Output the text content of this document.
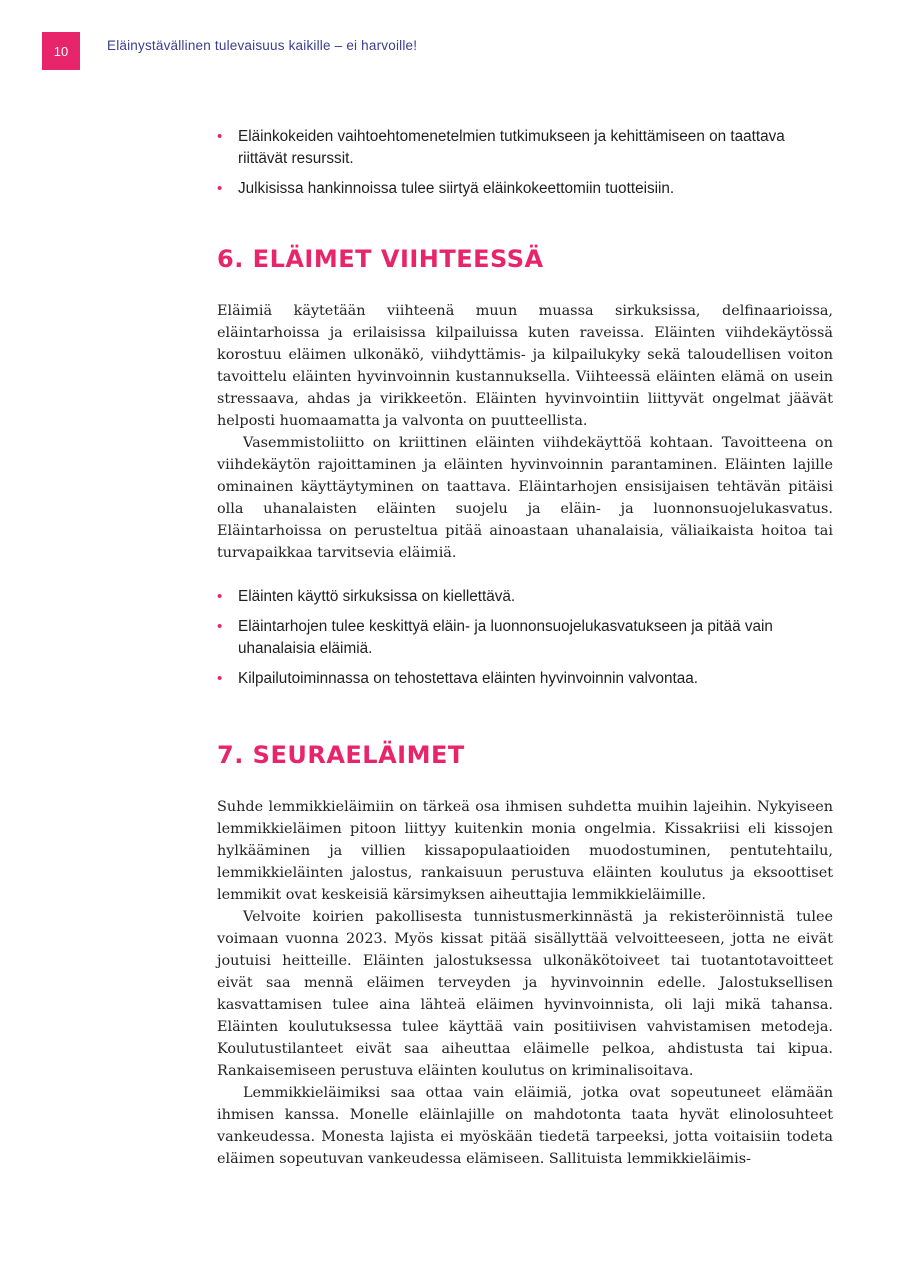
10	Eläinystävällinen tulevaisuus kaikille – ei harvoille!
• Eläinkokeiden vaihtoehtomenetelmien tutkimukseen ja kehittämiseen on taattava riittävät resurssit.
• Julkisissa hankinnoissa tulee siirtyä eläinkokeettomiin tuotteisiin.
6. ELÄIMET VIIHTEESSÄ

Eläimiä käytetään viihteenä muun muassa sirkuksissa, delfinaarioissa, eläintarhoissa ja erilaisissa kilpailuissa kuten raveissa. Eläinten viihdekäytössä korostuu eläimen ulkonäkö, viihdyttämis- ja kilpailukyky sekä taloudellisen voiton tavoittelu eläinten hyvinvoinnin kustannuksella. Viihteessä eläinten elämä on usein stressaava, ahdas ja virikkeetön. Eläinten hyvinvointiin liittyvät ongelmat jäävät helposti huomaamatta ja valvonta on puutteellista.

Vasemmistoliitto on kriittinen eläinten viihdekäyttöä kohtaan. Tavoitteena on viihdekäytön rajoittaminen ja eläinten hyvinvoinnin parantaminen. Eläinten lajille ominainen käyttäytyminen on taattava. Eläintarhojen ensisijaisen tehtävän pitäisi olla uhanalaisten eläinten suojelu ja eläin- ja luonnonsuojelukasvatus. Eläintarhoissa on perusteltua pitää ainoastaan uhanalaisia, väliaikaista hoitoa tai turvapaikkaa tarvitsevia eläimiä.

• Eläinten käyttö sirkuksissa on kiellettävä.
• Eläintarhojen tulee keskittyä eläin- ja luonnonsuojelukasvatukseen ja pitää vain uhanalaisia eläimiä.
• Kilpailutoiminnassa on tehostettava eläinten hyvinvoinnin valvontaa.
7. SEURAELÄIMET

Suhde lemmikkieläimiin on tärkeä osa ihmisen suhdetta muihin lajeihin. Nykyiseen lemmikkieläimen pitoon liittyy kuitenkin monia ongelmia. Kissakriisi eli kissojen hylkääminen ja villien kissapopulaatioiden muodostuminen, pentutehtailu, lemmikkieläinten jalostus, rankaisuun perustuva eläinten koulutus ja eksoottiset lemmikit ovat keskeisiä kärsimyksen aiheuttajia lemmikkieläimille.

Velvoite koirien pakollisesta tunnistusmerkinnästä ja rekisteröinnistä tulee voimaan vuonna 2023. Myös kissat pitää sisällyttää velvoitteeseen, jotta ne eivät joutuisi heitteille. Eläinten jalostuksessa ulkonäkötoiveet tai tuotantotavoitteet eivät saa mennä eläimen terveyden ja hyvinvoinnin edelle. Jalostuksellisen kasvattamisen tulee aina lähteä eläimen hyvinvoinnista, oli laji mikä tahansa. Eläinten koulutuksessa tulee käyttää vain positiivisen vahvistamisen metodeja. Koulutustilanteet eivät saa aiheuttaa eläimelle pelkoa, ahdistusta tai kipua. Rankaisemiseen perustuva eläinten koulutus on kriminalisoitava.

Lemmikkieläimiksi saa ottaa vain eläimiä, jotka ovat sopeutuneet elämään ihmisen kanssa. Monelle eläinlajille on mahdotonta taata hyvät elinolosuhteet vankeudessa. Monesta lajista ei myöskään tiedetä tarpeeksi, jotta voitaisiin todeta eläimen sopeutuvan vankeudessa elämiseen. Sallituista lemmikkieläimis-
